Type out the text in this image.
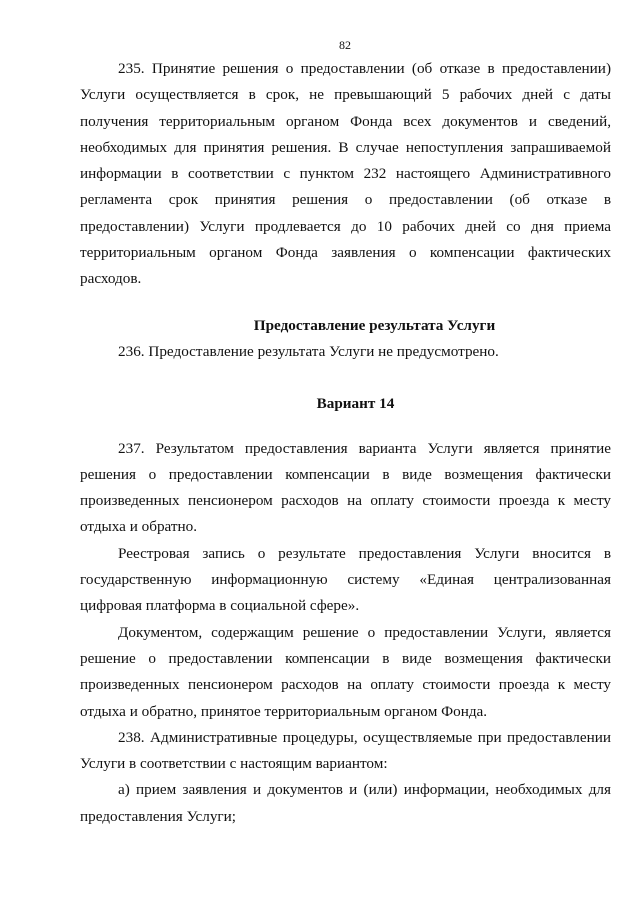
82

235. Принятие решения о предоставлении (об отказе в предоставлении) Услуги осуществляется в срок, не превышающий 5 рабочих дней с даты получения территориальным органом Фонда всех документов и сведений, необходимых для принятия решения. В случае непоступления запрашиваемой информации в соответствии с пунктом 232 настоящего Административного регламента срок принятия решения о предоставлении (об отказе в предоставлении) Услуги продлевается до 10 рабочих дней со дня приема территориальным органом Фонда заявления о компенсации фактических расходов.

Предоставление результата Услуги

236. Предоставление результата Услуги не предусмотрено.

Вариант 14

237. Результатом предоставления варианта Услуги является принятие решения о предоставлении компенсации в виде возмещения фактически произведенных пенсионером расходов на оплату стоимости проезда к месту отдыха и обратно.

Реестровая запись о результате предоставления Услуги вносится в государственную информационную систему «Единая централизованная цифровая платформа в социальной сфере».

Документом, содержащим решение о предоставлении Услуги, является решение о предоставлении компенсации в виде возмещения фактически произведенных пенсионером расходов на оплату стоимости проезда к месту отдыха и обратно, принятое территориальным органом Фонда.

238. Административные процедуры, осуществляемые при предоставлении Услуги в соответствии с настоящим вариантом:

а) прием заявления и документов и (или) информации, необходимых для предоставления Услуги;
